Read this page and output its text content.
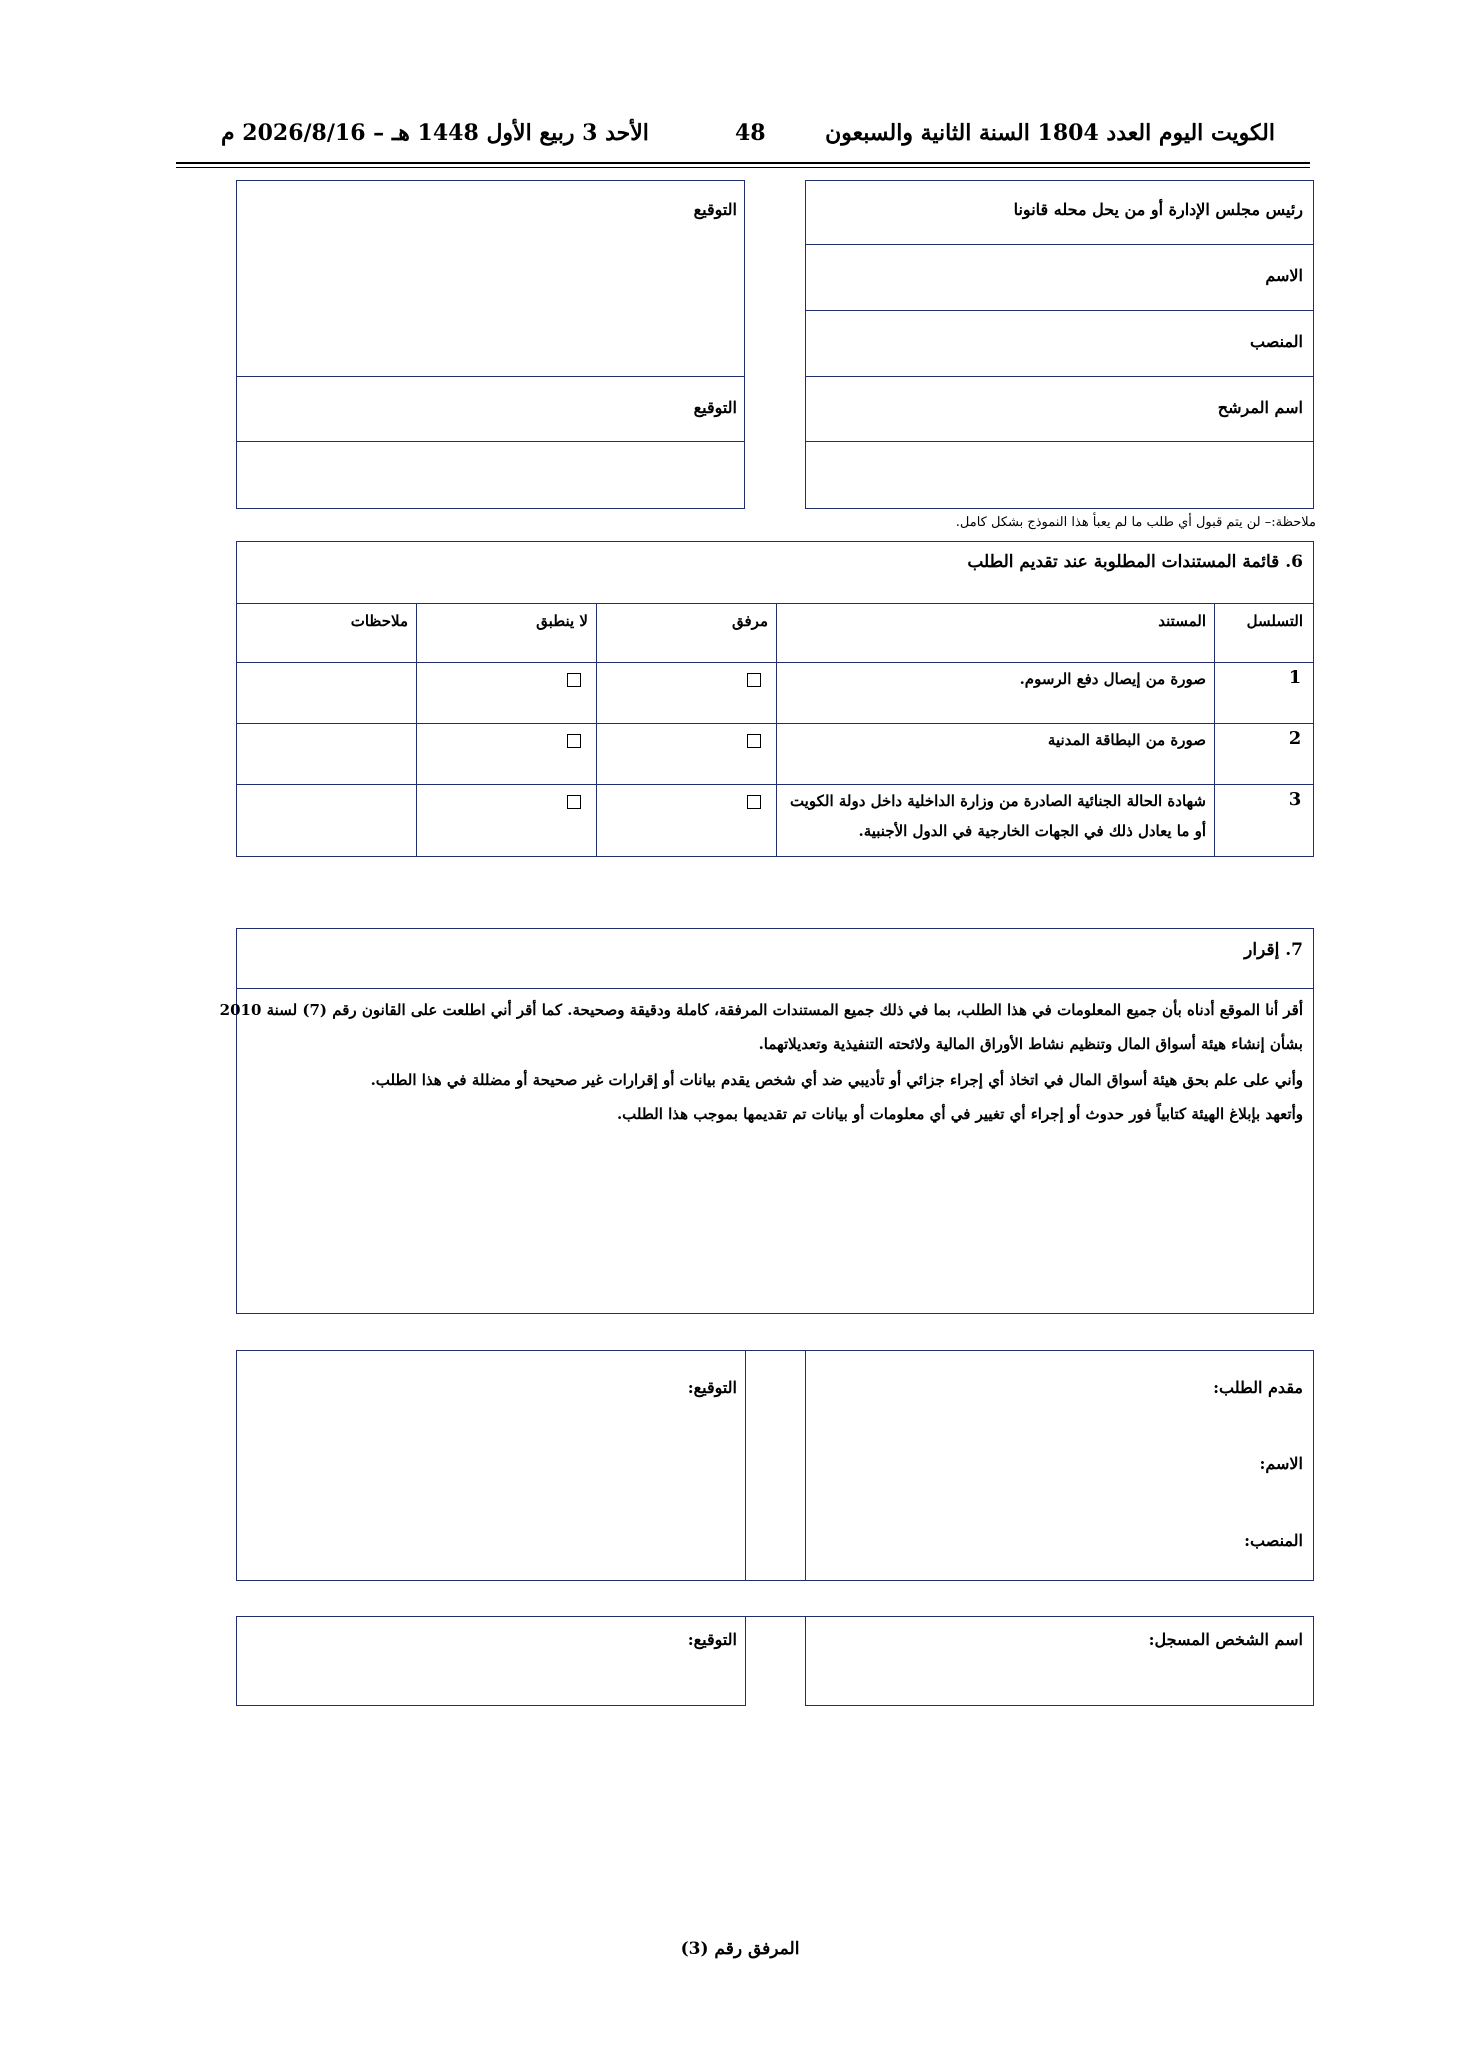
الكويت اليوم العدد 1804 السنة الثانية والسبعون
48
الأحد 3 ربيع الأول 1448 هـ – 2026/8/16 م
رئيس مجلس الإدارة أو من يحل محله قانونا
الاسم
المنصب
اسم المرشح
التوقيع
التوقيع
ملاحظة:– لن يتم قبول أي طلب ما لم يعبأ هذا النموذج بشكل كامل.
6. قائمة المستندات المطلوبة عند تقديم الطلب
التسلسل
المستند
مرفق
لا ينطبق
ملاحظات
1
صورة من إيصال دفع الرسوم.
2
صورة من البطاقة المدنية
3
شهادة الحالة الجنائية الصادرة من وزارة الداخلية داخل دولة الكويت
أو ما يعادل ذلك في الجهات الخارجية في الدول الأجنبية.
7. إقرار
أقر أنا الموقع أدناه بأن جميع المعلومات في هذا الطلب، بما في ذلك جميع المستندات المرفقة، كاملة ودقيقة وصحيحة. كما أقر أني اطلعت على القانون رقم (7) لسنة 2010
بشأن إنشاء هيئة أسواق المال وتنظيم نشاط الأوراق المالية ولائحته التنفيذية وتعديلاتهما.
وأني على علم بحق هيئة أسواق المال في اتخاذ أي إجراء جزائي أو تأديبي ضد أي شخص يقدم بيانات أو إقرارات غير صحيحة أو مضللة في هذا الطلب.
وأتعهد بإبلاغ الهيئة كتابياً فور حدوث أو إجراء أي تغيير في أي معلومات أو بيانات تم تقديمها بموجب هذا الطلب.
مقدم الطلب:
الاسم:
المنصب:
التوقيع:
اسم الشخص المسجل:
التوقيع:
المرفق رقم (3)
